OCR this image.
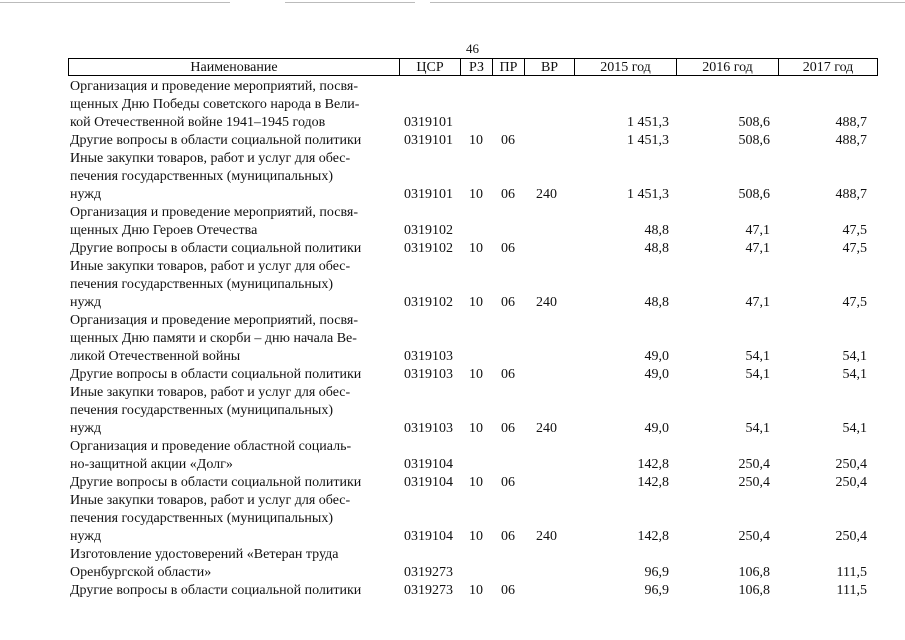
46
Наименование	ЦСР	РЗ	ПР	ВР	2015 год	2016 год	2017 год
Организация и проведение мероприятий, посвя-
щенных Дню Победы советского народа в Вели-
кой Отечественной войне 1941–1945 годов	0319101	1 451,3	508,6	488,7
Другие вопросы в области социальной политики	0319101 10 06	1 451,3	508,6	488,7
Иные закупки товаров, работ и услуг для обес-
печения государственных (муниципальных)
нужд	0319101 10 06 240	1 451,3	508,6	488,7
Организация и проведение мероприятий, посвя-
щенных Дню Героев Отечества	0319102	48,8	47,1	47,5
Другие вопросы в области социальной политики	0319102 10 06	48,8	47,1	47,5
Иные закупки товаров, работ и услуг для обес-
печения государственных (муниципальных)
нужд	0319102 10 06 240	48,8	47,1	47,5
Организация и проведение мероприятий, посвя-
щенных Дню памяти и скорби – дню начала Ве-
ликой Отечественной войны	0319103	49,0	54,1	54,1
Другие вопросы в области социальной политики	0319103 10 06	49,0	54,1	54,1
Иные закупки товаров, работ и услуг для обес-
печения государственных (муниципальных)
нужд	0319103 10 06 240	49,0	54,1	54,1
Организация и проведение областной социаль-
но-защитной акции «Долг»	0319104	142,8	250,4	250,4
Другие вопросы в области социальной политики	0319104 10 06	142,8	250,4	250,4
Иные закупки товаров, работ и услуг для обес-
печения государственных (муниципальных)
нужд	0319104 10 06 240	142,8	250,4	250,4
Изготовление удостоверений «Ветеран труда
Оренбургской области»	0319273	96,9	106,8	111,5
Другие вопросы в области социальной политики	0319273 10 06	96,9	106,8	111,5
